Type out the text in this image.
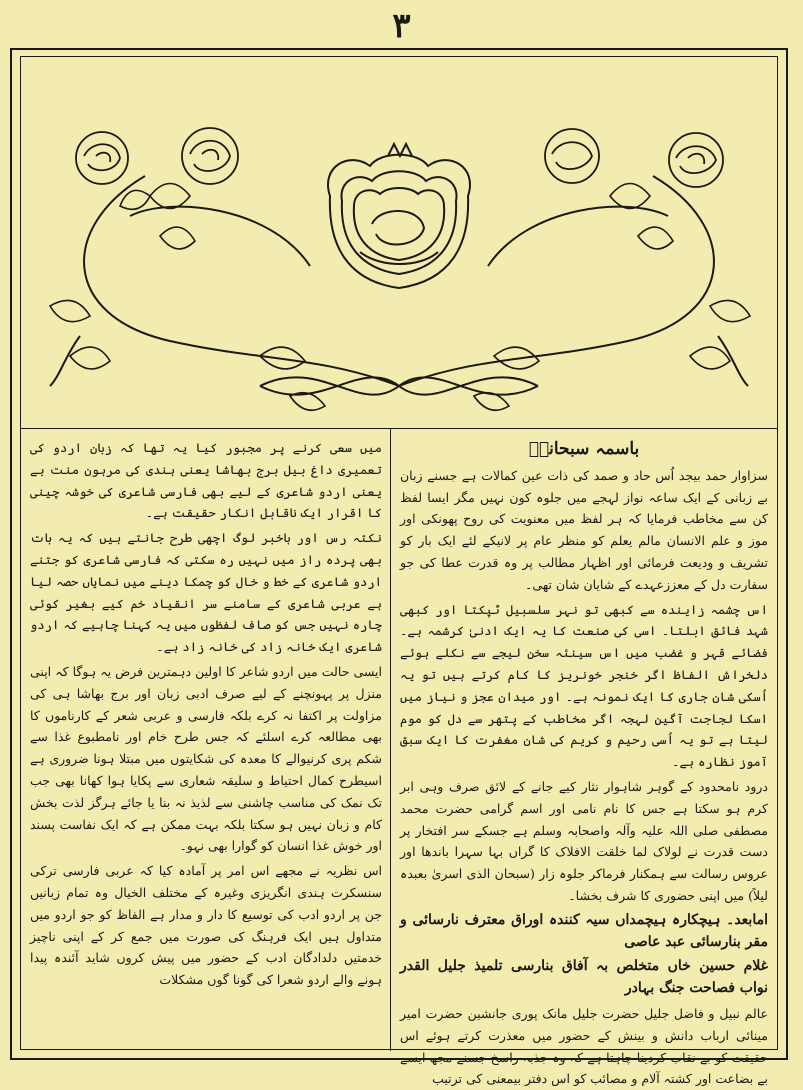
۳

میں سعی کرنے پر مجبور کیا یہ تھا کہ زبان اردو کی تعمیری داغ بیل برج بھاشا یعنی ہندی کی مرہون منت ہے یعنی اردو شاعری کے لیے بھی فارسی شاعری کی خوشہ چینی کا اقرار ایک ناقابل انکار حقیقت ہے۔

نکتہ رس اور باخبر لوگ اچھی طرح جانتے ہیں کہ یہ بات بھی پردہ راز میں نہیں رہ سکتی کہ فارسی شاعری کو جتنے اردو شاعری کے خط و خال کو چمکا دینے میں نمایاں حصہ لیا ہے عربی شاعری کے سامنے سر انقیاد خم کیے بغیر کوئی چارہ نہیں جس کو صاف لفظوں میں یہ کہنا چاہیے کہ اردو شاعری ایک خانہ زاد کی خانہ زاد ہے۔

ایسی حالت میں اردو شاعر کا اولین دہمترین فرض یہ ہوگا کہ اپنی منزل پر پہونچنے کے لیے صرف ادبی زبان اور برج بھاشا ہی کی مزاولت پر اکتفا نہ کرے بلکہ فارسی و عربی شعر کے کارناموں کا بھی مطالعہ کرے اسلئے کہ جس طرح خام اور نامطبوع غذا سے شکم پری کرنیوالے کا معدہ کی شکایتوں میں مبتلا ہونا ضروری ہے اسیطرح کمال احتیاط و سلیقہ شعاری سے پکایا ہوا کھانا بھی جب تک نمک کی مناسب چاشنی سے لذیذ نہ بنا یا جائے ہرگز لذت بخش کام و زبان نہیں ہو سکتا بلکہ بہت ممکن ہے کہ ایک نفاست پسند اور خوش غذا انسان کو گوارا بھی نہو۔

اس نظریہ نے مجھے اس امر پر آمادہ کیا کہ عربی فارسی ترکی سنسکرت ہندی انگریزی وغیرہ کے مختلف الخیال وہ تمام زبانیں جن پر اردو ادب کی توسیع کا دار و مدار ہے الفاظ کو جو اردو میں متداول ہیں ایک فرہنگ کی صورت میں جمع کر کے اپنی ناچیز خدمتیں دلدادگان ادب کے حضور میں پیش کروں شاید آئندہ پیدا ہونے والے اردو شعرا کی گونا گوں مشکلات

باسمہ سبحانہٗ

سزاوار حمد بیجد اُس حاد و صمد کی ذات عین کمالات ہے جسنے زبان بے زبانی کے ایک ساعہ نواز لہجے میں جلوہ کون نہیں مگر ایسا لفظ کن سے مخاطب فرمایا کہ ہر لفظ میں معنویت کی روح پھونکی اور موز و علم الانسان مالم یعلم کو منظر عام پر لانیکے لئے ایک بار کو تشریف و ودیعت فرمائی اور اظہار مطالب پر وہ قدرت عطا کی جو سفارت دل کے معززعہدے کے شایان شان تھی۔

اس چشمہ زاینده سے کبھی تو نہر سلسبیل ٹپکتا اور کبھی شہد فائق ابلتا۔ اسی کی صنعت کا یہ ایک ادنیٰ کرشمہ ہے۔ فضائے قہر و غضب میں اس سینئہ سخن لیجے سے نکلے ہوئے دلخراش الفاظ اگر خنجر خونریز کا کام کرتے ہیں تو یہ اُسکی شان جاری کا ایک نمونہ ہے۔ اور میدان عجز و نیاز میں اسکا لجاجت آگین لہجہ اگر مخاطب کے پتھر سے دل کو موم لیتا ہے تو یہ اُسی رحیم و کریم کی شان مغفرت کا ایک سبق آموز نظارہ ہے۔

درود نامحدود کے گوہر شاہوار نثار کیے جانے کے لائق صرف وہی ابر کرم ہو سکتا ہے جس کا نام نامی اور اسم گرامی حضرت محمد مصطفی صلی اللہ علیہ وآلہ واصحابہ وسلم ہے جسکے سر افتخار پر دست قدرت نے لولاک لما خلقت الافلاک کا گراں بہا سہرا باندھا اور عروس رسالت سے ہمکنار فرماکر جلوہ زار (سبحان الذی اسریٰ بعبدہ لیلاً) میں اپنی حضوری کا شرف بخشا۔

امابعد۔ ہیچکارہ ہیچمداں سیہ کنندہ اوراق معترف نارسائی و مقر بنارسائی عبد عاصی

غلام حسین خاں متخلص بہ آفاق بنارسی تلمیذ جلیل القدر نواب فصاحت جنگ بہادر

عالم نبیل و فاضل جلیل حضرت جلیل مانک پوری جانشین حضرت امیر مینائی ارباب دانش و بینش کے حضور میں معذرت کرتے ہوئے اس حقیقت کو بے نقاب کردینا چاہتا ہے کہ وہ جذبہ راسخ جسنے مجھ ایسے بے بضاعت اور کشتہ آلام و مصائب کو اس دفتر بیمعنی کی ترتیب
